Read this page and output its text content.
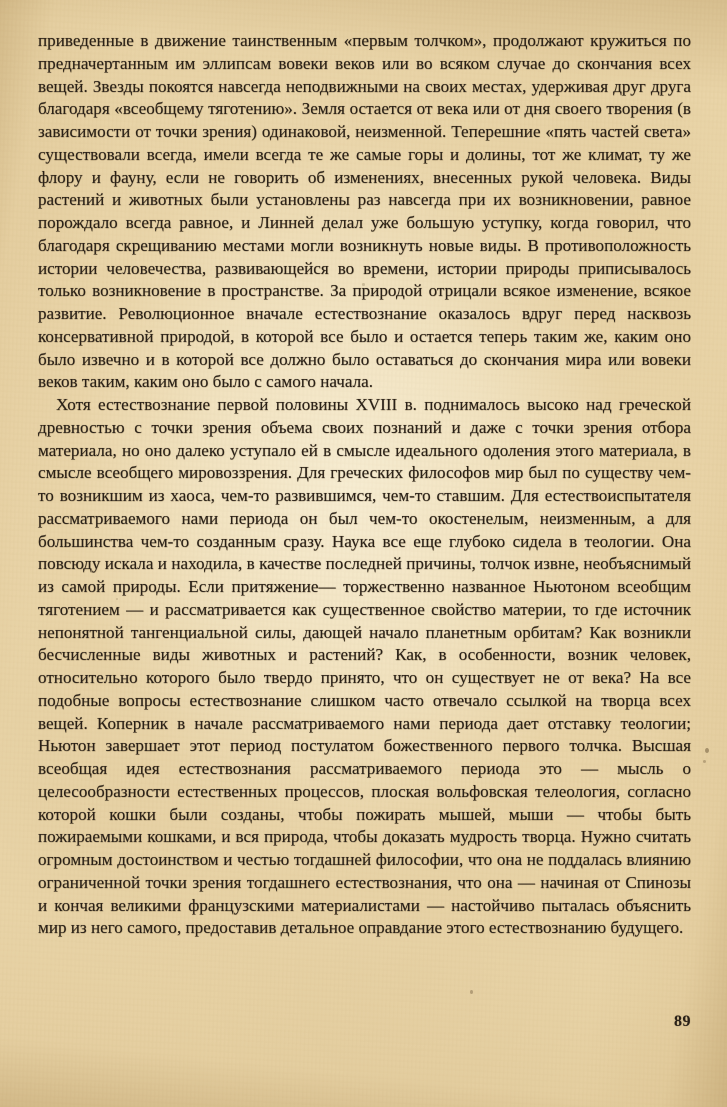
приведенные в движение таинственным «первым толчком», продолжают кружиться по предначертанным им эллипсам вовеки веков или во всяком случае до скончания всех вещей. Звезды покоятся навсегда неподвижными на своих местах, удерживая друг друга благодаря «всеобщему тяготению». Земля остается от века или от дня своего творения (в зависимости от точки зрения) одинаковой, неизменной. Теперешние «пять частей света» существовали всегда, имели всегда те же самые горы и долины, тот же климат, ту же флору и фауну, если не говорить об изменениях, внесенных рукой человека. Виды растений и животных были установлены раз навсегда при их возникновении, равное порождало всегда равное, и Линней делал уже большую уступку, когда говорил, что благодаря скрещиванию местами могли возникнуть новые виды. В противоположность истории человечества, развивающейся во времени, истории природы приписывалось только возникновение в пространстве. За природой отрицали всякое изменение, всякое развитие. Революционное вначале естествознание оказалось вдруг перед насквозь консервативной природой, в которой все было и остается теперь таким же, каким оно было извечно и в которой все должно было оставаться до скончания мира или вовеки веков таким, каким оно было с самого начала.

Хотя естествознание первой половины XVIII в. поднималось высоко над греческой древностью с точки зрения объема своих познаний и даже с точки зрения отбора материала, но оно далеко уступало ей в смысле идеального одоления этого материала, в смысле всеобщего мировоззрения. Для греческих философов мир был по существу чем-то возникшим из хаоса, чем-то развившимся, чем-то ставшим. Для естествоиспытателя рассматриваемого нами периода он был чем-то окостенелым, неизменным, а для большинства чем-то созданным сразу. Наука все еще глубоко сидела в теологии. Она повсюду искала и находила, в качестве последней причины, толчок извне, необъяснимый из самой природы. Если притяжение— торжественно названное Ньютоном всеобщим тяготением — и рассматривается как существенное свойство материи, то где источник непонятной тангенциальной силы, дающей начало планетным орбитам? Как возникли бесчисленные виды животных и растений? Как, в особенности, возник человек, относительно которого было твердо принято, что он существует не от века? На все подобные вопросы естествознание слишком часто отвечало ссылкой на творца всех вещей. Коперник в начале рассматриваемого нами периода дает отставку теологии; Ньютон завершает этот период постулатом божественного первого толчка. Высшая всеобщая идея естествознания рассматриваемого периода это — мысль о целесообразности естественных процессов, плоская вольфовская телеология, согласно которой кошки были созданы, чтобы пожирать мышей, мыши — чтобы быть пожираемыми кошками, и вся природа, чтобы доказать мудрость творца. Нужно считать огромным достоинством и честью тогдашней философии, что она не поддалась влиянию ограниченной точки зрения тогдашнего естествознания, что она — начиная от Спинозы и кончая великими французскими материалистами — настойчиво пыталась объяснить мир из него самого, предоставив детальное оправдание этого естествознанию будущего.

89
